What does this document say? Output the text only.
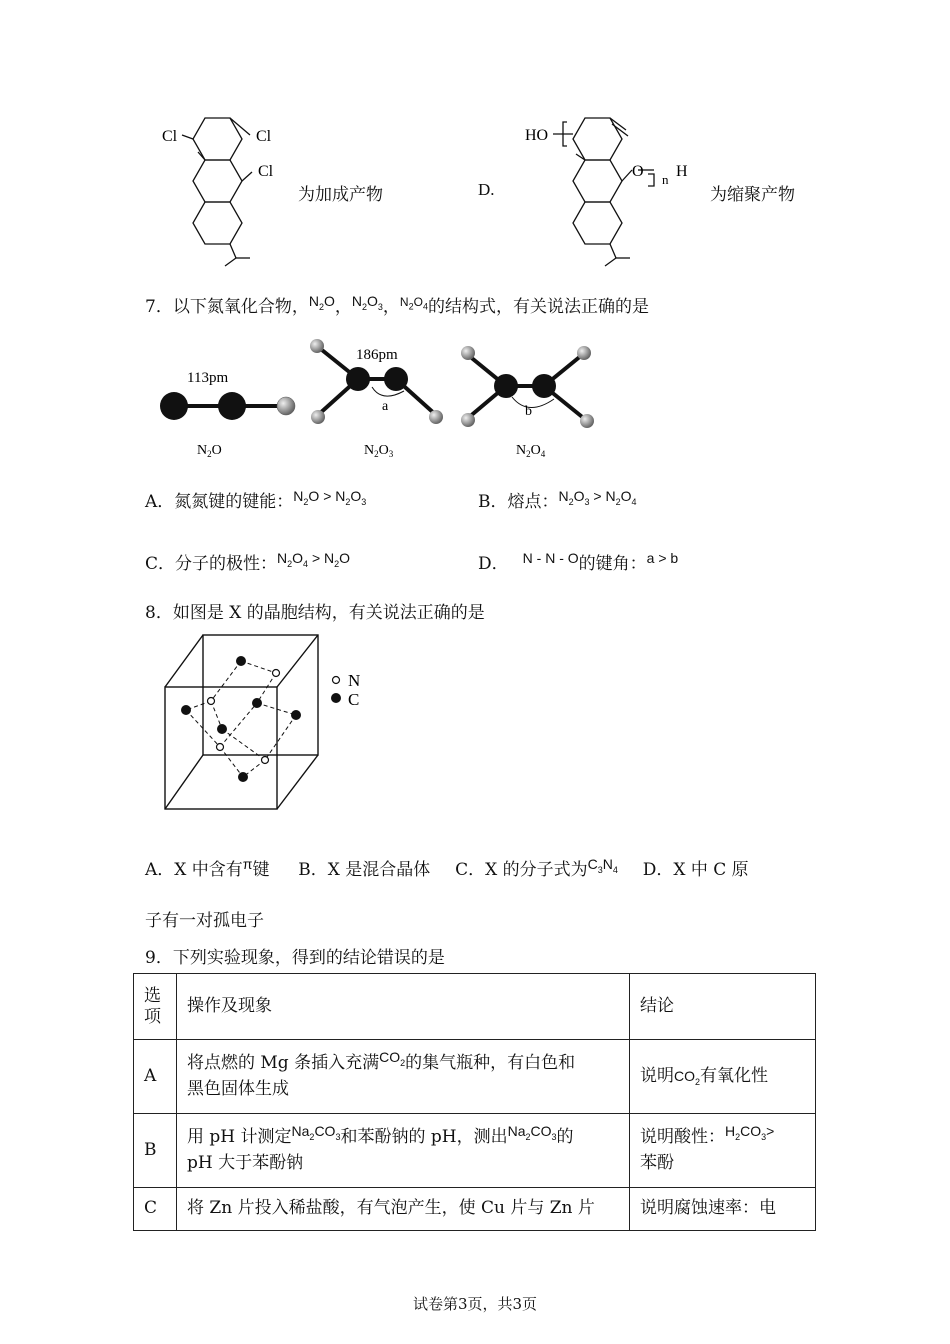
Cl	Cl
Cl
为加成产物	D.
HO
O n H
为缩聚产物
7．以下氮氧化合物，$^{N_2O}$，$^{N_2O_3}$，$^{N_2O_4}$的结构式，有关说法正确的是
113pm
$N_2O$
186pm
a
$N_2O_3$
b
$N_2O_4$
A．氮氮键的键能：$^{N_2O > N_2O_3}$	B．熔点：$^{N_2O_3 > N_2O_4}$
C．分子的极性：$^{N_2O_4 > N_2O}$	D． $^{N - N - O}$的键角：$^{a > b}$
8．如图是 X 的晶胞结构，有关说法正确的是
N
C
A．X 中含有$^\pi$键 B．X 是混合晶体 C．X 的分子式为$^{C_3N_4}$ D．X 中 C 原
子有一对孤电子
9．下列实验现象，得到的结论错误的是
选项	操作及现象	结论
A	将点燃的 Mg 条插入充满$^{CO_2}$的集气瓶种，有白色和
黑色固体生成	说明$CO_2$有氧化性
B	用 pH 计测定$^{Na_2CO_3}$和苯酚钠的 pH，测出$^{Na_2CO_3}$的
pH 大于苯酚钠	说明酸性：$^{H_2CO_3>}$
苯酚
C	将 Zn 片投入稀盐酸，有气泡产生，使 Cu 片与 Zn 片	说明腐蚀速率：电
试卷第3页，共3页
